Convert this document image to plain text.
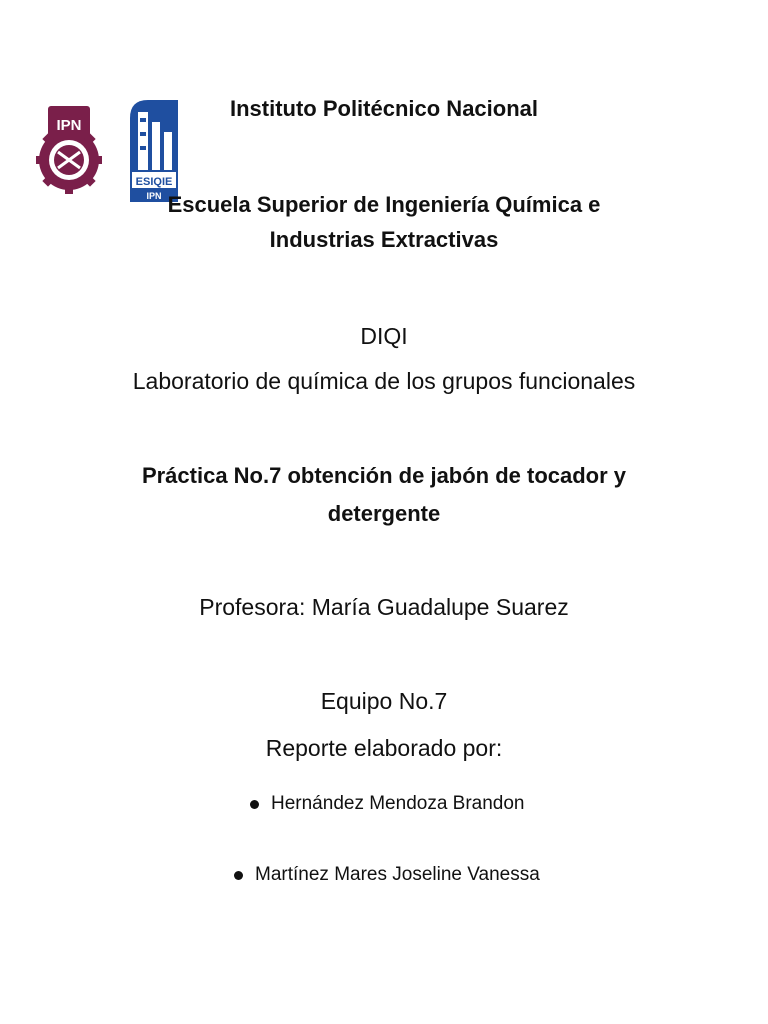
IPN
ESIQIE
IPN
Instituto Politécnico Nacional
Escuela Superior de Ingeniería Química e
Industrias Extractivas
DIQI
Laboratorio de química de los grupos funcionales
Práctica No.7 obtención de jabón de tocador y
detergente
Profesora: María Guadalupe Suarez
Equipo No.7
Reporte elaborado por:
Hernández Mendoza Brandon
Martínez Mares Joseline Vanessa
